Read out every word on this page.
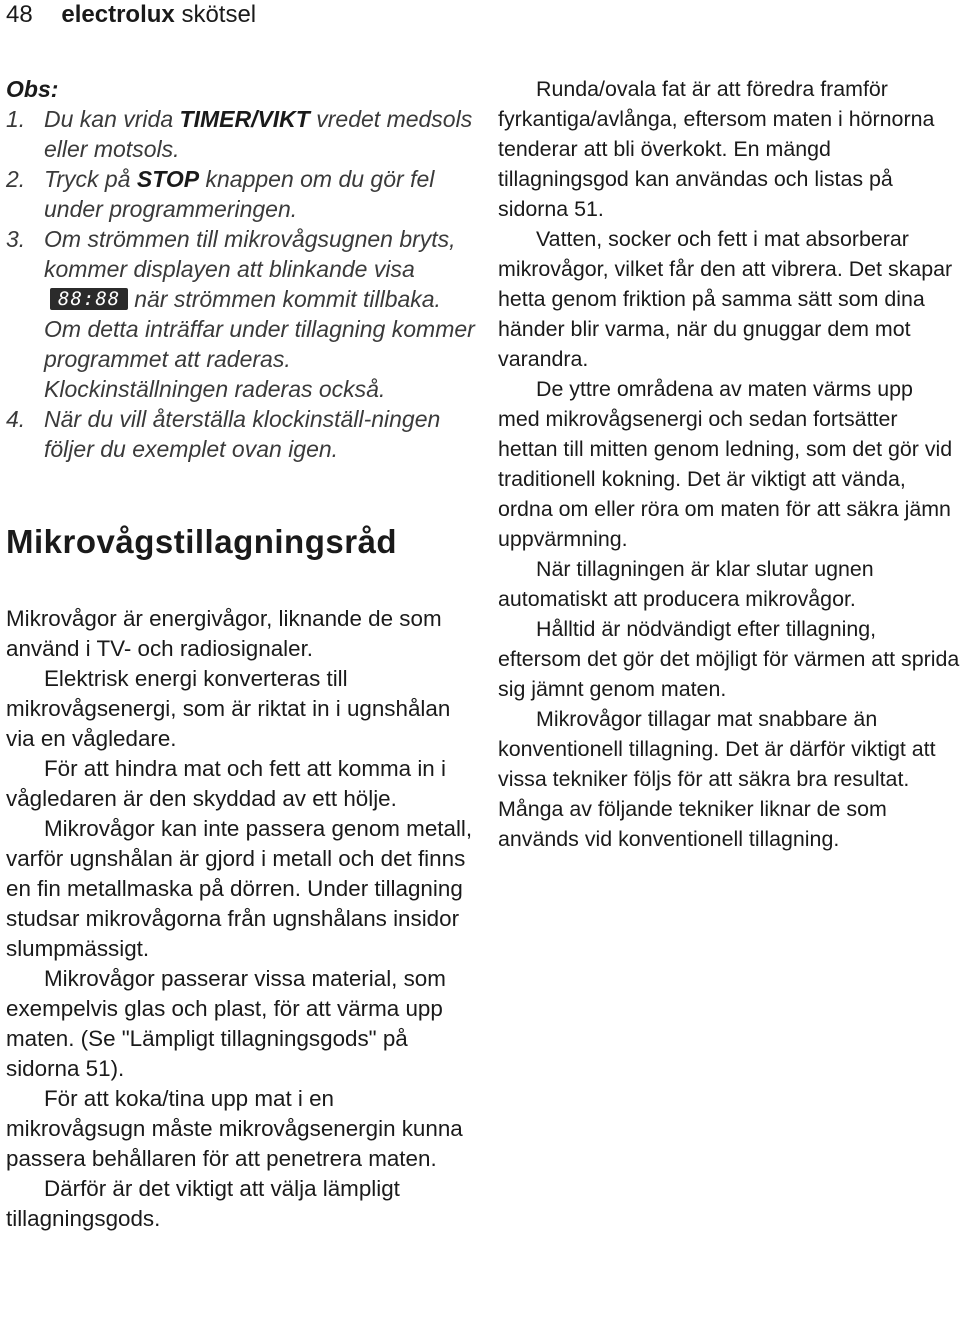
48 electrolux skötsel
Obs:
1. Du kan vrida TIMER/VIKT vredet medsols eller motsols.
2. Tryck på STOP knappen om du gör fel under programmeringen.
3. Om strömmen till mikrovågsugnen bryts, kommer displayen att blinkande visa88:88 när strömmen kommit tillbaka. Om detta inträffar under tillagning kommer programmet att raderas. Klockinställningen raderas också.
4. När du vill återställa klockinställ-ningen följer du exemplet ovan igen.
Mikrovågstillagningsråd

Mikrovågor är energivågor, liknande de som använd i TV- och radiosignaler.

Elektrisk energi konverteras till mikrovågsenergi, som är riktat in i ugnshålan via en vågledare.

För att hindra mat och fett att komma in i vågledaren är den skyddad av ett hölje.

Mikrovågor kan inte passera genom metall, varför ugnshålan är gjord i metall och det finns en fin metallmaska på dörren. Under tillagning studsar mikrovågorna från ugnshålans insidor slumpmässigt.

Mikrovågor passerar vissa material, som exempelvis glas och plast, för att värma upp maten. (Se "Lämpligt tillagningsgods" på sidorna 51).

För att koka/tina upp mat i en mikrovågsugn måste mikrovågsenergin kunna passera behållaren för att penetrera maten.

Därför är det viktigt att välja lämpligt tillagningsgods.

Runda/ovala fat är att föredra framför fyrkantiga/avlånga, eftersom maten i hörnorna tenderar att bli överkokt. En mängd tillagningsgod kan användas och listas på sidorna 51.

Vatten, socker och fett i mat absorberar mikrovågor, vilket får den att vibrera. Det skapar hetta genom friktion på samma sätt som dina händer blir varma, när du gnuggar dem mot varandra.

De yttre områdena av maten värms upp med mikrovågsenergi och sedan fortsätter hettan till mitten genom ledning, som det gör vid traditionell kokning. Det är viktigt att vända, ordna om eller röra om maten för att säkra jämn uppvärmning.

När tillagningen är klar slutar ugnen automatiskt att producera mikrovågor.

Hålltid är nödvändigt efter tillagning, eftersom det gör det möjligt för värmen att sprida sig jämnt genom maten.

Mikrovågor tillagar mat snabbare än konventionell tillagning. Det är därför viktigt att vissa tekniker följs för att säkra bra resultat. Många av följande tekniker liknar de som används vid konventionell tillagning.
